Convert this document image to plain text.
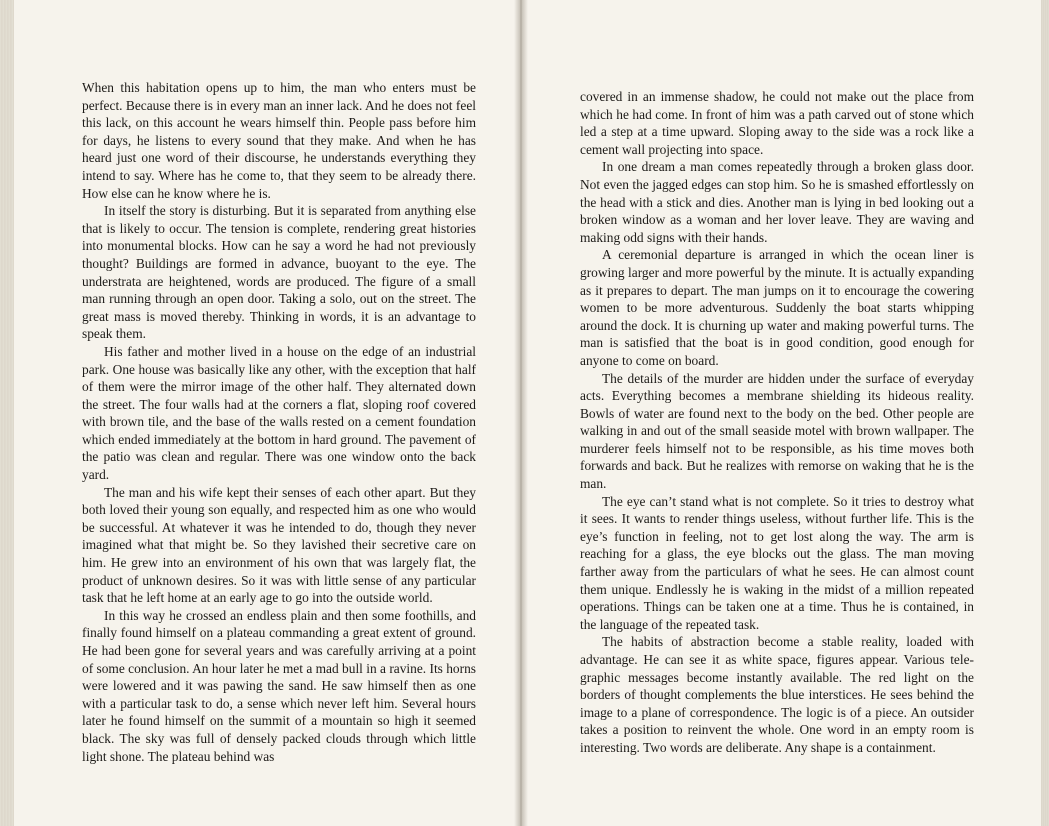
When this habitation opens up to him, the man who enters must be perfect. Because there is in every man an inner lack. And he does not feel this lack, on this account he wears himself thin. People pass before him for days, he listens to every sound that they make. And when he has heard just one word of their discourse, he understands everything they intend to say. Where has he come to, that they seem to be already there. How else can he know where he is.

In itself the story is disturbing. But it is separated from anything else that is likely to occur. The tension is complete, rendering great histories into monumental blocks. How can he say a word he had not previously thought? Buildings are formed in advance, buoyant to the eye. The understrata are heightened, words are produced. The figure of a small man running through an open door. Taking a solo, out on the street. The great mass is moved thereby. Thinking in words, it is an advantage to speak them.

His father and mother lived in a house on the edge of an industrial park. One house was basically like any other, with the exception that half of them were the mirror image of the other half. They alternated down the street. The four walls had at the corners a flat, sloping roof covered with brown tile, and the base of the walls rested on a cement foundation which ended immediately at the bottom in hard ground. The pavement of the patio was clean and regular. There was one window onto the back yard.

The man and his wife kept their senses of each other apart. But they both loved their young son equally, and respected him as one who would be successful. At whatever it was he intended to do, though they never imagined what that might be. So they lavished their secretive care on him. He grew into an environment of his own that was largely flat, the product of unknown desires. So it was with little sense of any particular task that he left home at an early age to go into the outside world.

In this way he crossed an endless plain and then some foothills, and finally found himself on a plateau commanding a great extent of ground. He had been gone for several years and was carefully arriving at a point of some conclusion. An hour later he met a mad bull in a ravine. Its horns were lowered and it was pawing the sand. He saw himself then as one with a particular task to do, a sense which never left him. Several hours later he found himself on the summit of a mountain so high it seemed black. The sky was full of densely packed clouds through which little light shone. The plateau behind was

covered in an immense shadow, he could not make out the place from which he had come. In front of him was a path carved out of stone which led a step at a time upward. Sloping away to the side was a rock like a cement wall projecting into space.

In one dream a man comes repeatedly through a broken glass door. Not even the jagged edges can stop him. So he is smashed effortlessly on the head with a stick and dies. Another man is lying in bed looking out a broken window as a woman and her lover leave. They are waving and making odd signs with their hands.

A ceremonial departure is arranged in which the ocean liner is growing larger and more powerful by the minute. It is actually expanding as it prepares to depart. The man jumps on it to encourage the cowering women to be more adventurous. Suddenly the boat starts whipping around the dock. It is churning up water and making powerful turns. The man is satisfied that the boat is in good condition, good enough for anyone to come on board.

The details of the murder are hidden under the surface of everyday acts. Everything becomes a membrane shielding its hideous reality. Bowls of water are found next to the body on the bed. Other people are walking in and out of the small seaside motel with brown wallpaper. The murderer feels himself not to be responsible, as his time moves both forwards and back. But he realizes with remorse on waking that he is the man.

The eye can’t stand what is not complete. So it tries to destroy what it sees. It wants to render things useless, without further life. This is the eye’s function in feeling, not to get lost along the way. The arm is reaching for a glass, the eye blocks out the glass. The man moving farther away from the particulars of what he sees. He can almost count them unique. Endlessly he is waking in the midst of a million repeated operations. Things can be taken one at a time. Thus he is contained, in the language of the repeated task.

The habits of abstraction become a stable reality, loaded with advantage. He can see it as white space, figures appear. Various telegraphic messages become instantly available. The red light on the borders of thought complements the blue interstices. He sees behind the image to a plane of correspondence. The logic is of a piece. An outsider takes a position to reinvent the whole. One word in an empty room is interesting. Two words are deliberate. Any shape is a containment.
